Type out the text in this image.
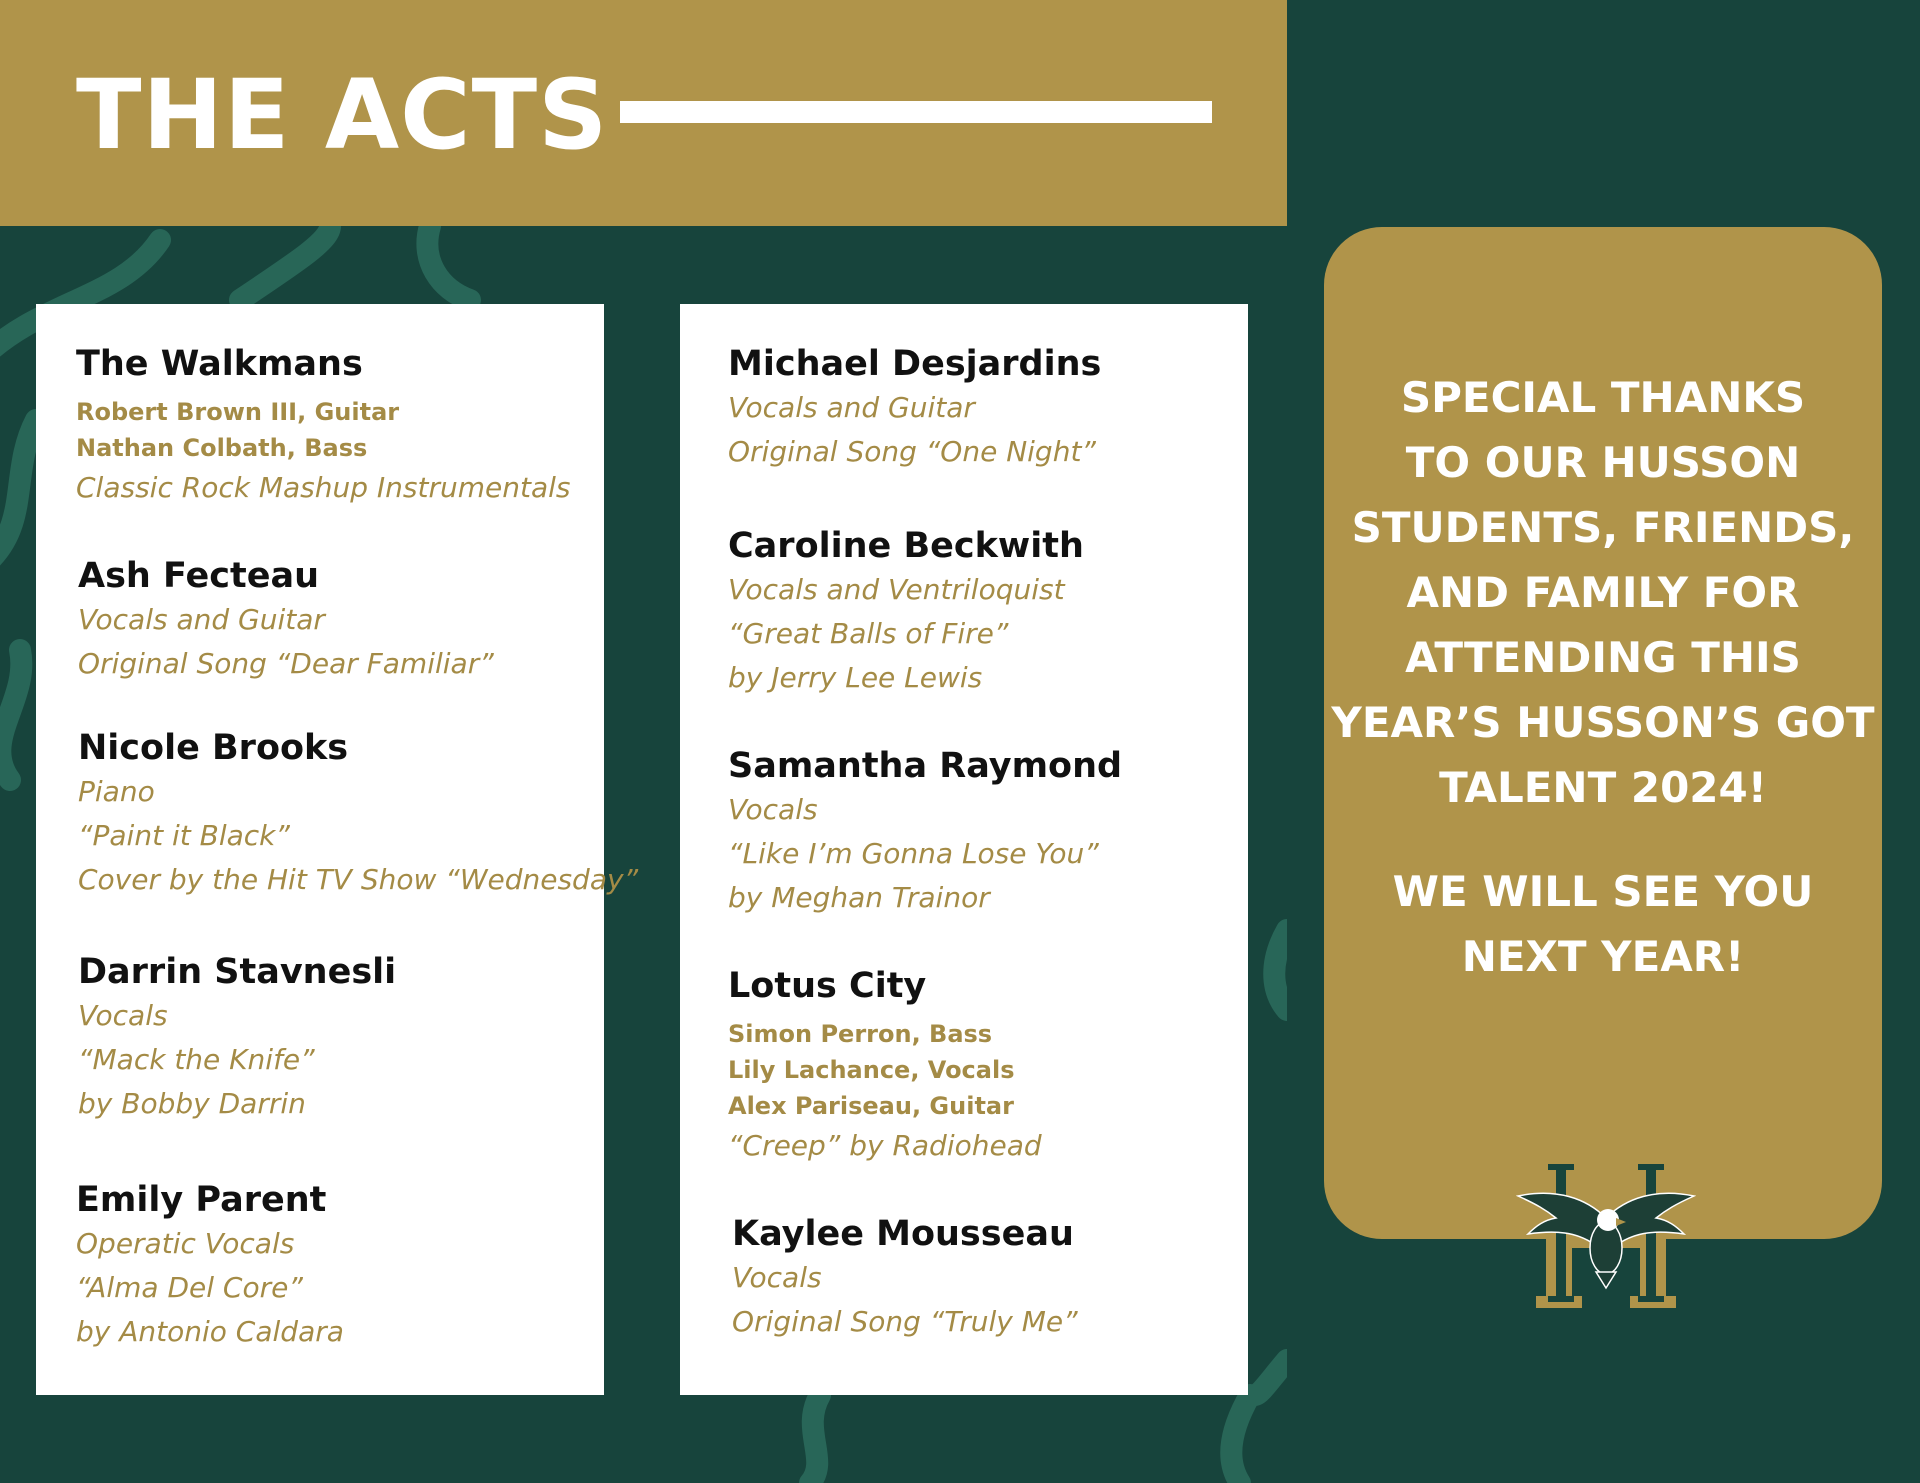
THE ACTS
The Walkmans
Robert Brown III, Guitar
Nathan Colbath, Bass
Classic Rock Mashup Instrumentals
Ash Fecteau
Vocals and Guitar
Original Song “Dear Familiar”
Nicole Brooks
Piano
“Paint it Black”
Cover by the Hit TV Show “Wednesday”
Darrin Stavnesli
Vocals
“Mack the Knife”
by Bobby Darrin
Emily Parent
Operatic Vocals
“Alma Del Core”
by Antonio Caldara
Michael Desjardins
Vocals and Guitar
Original Song “One Night”
Caroline Beckwith
Vocals and Ventriloquist
“Great Balls of Fire”
by Jerry Lee Lewis
Samantha Raymond
Vocals
“Like I’m Gonna Lose You”
by Meghan Trainor
Lotus City
Simon Perron, Bass
Lily Lachance, Vocals
Alex Pariseau, Guitar
“Creep” by Radiohead
Kaylee Mousseau
Vocals
Original Song “Truly Me”

SPECIAL THANKS
TO OUR HUSSON
STUDENTS, FRIENDS,
AND FAMILY FOR
ATTENDING THIS
YEAR’S HUSSON’S GOT
TALENT 2024!

WE WILL SEE YOU
NEXT YEAR!
